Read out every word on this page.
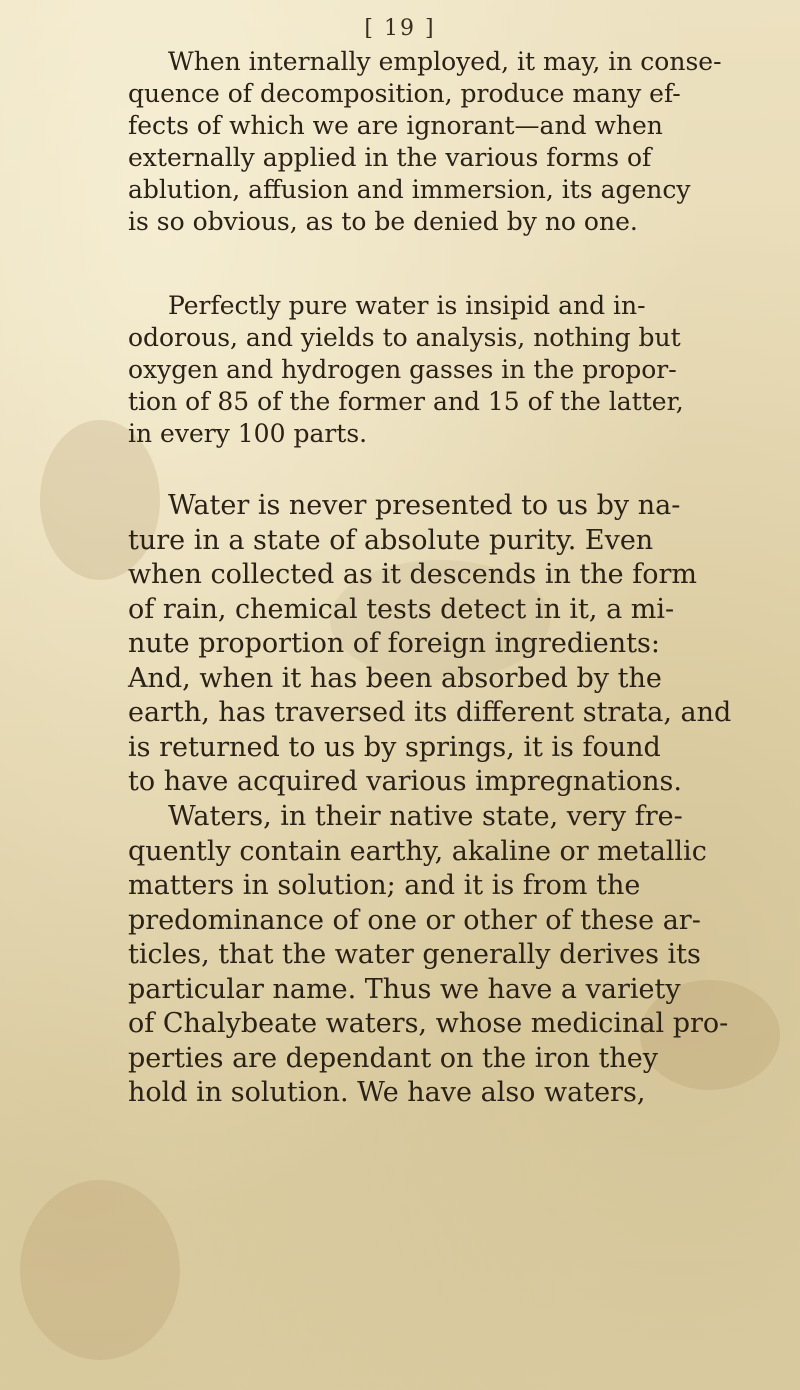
[ 19 ]
When internally employed, it may, in conse-
quence of decomposition, produce many ef-
fects of which we are ignorant—and when
externally applied in the various forms of
ablution, affusion and immersion, its agency
is so obvious, as to be denied by no one.
Perfectly pure water is insipid and in-
odorous, and yields to analysis, nothing but
oxygen and hydrogen gasses in the propor-
tion of 85 of the former and 15 of the latter,
in every 100 parts.
Water is never presented to us by na-
ture in a state of absolute purity. Even
when collected as it descends in the form
of rain, chemical tests detect in it, a mi-
nute proportion of foreign ingredients:
And, when it has been absorbed by the
earth, has traversed its different strata, and
is returned to us by springs, it is found
to have acquired various impregnations.
Waters, in their native state, very fre-
quently contain earthy, akaline or metallic
matters in solution; and it is from the
predominance of one or other of these ar-
ticles, that the water generally derives its
particular name. Thus we have a variety
of Chalybeate waters, whose medicinal pro-
perties are dependant on the iron they
hold in solution. We have also waters,
